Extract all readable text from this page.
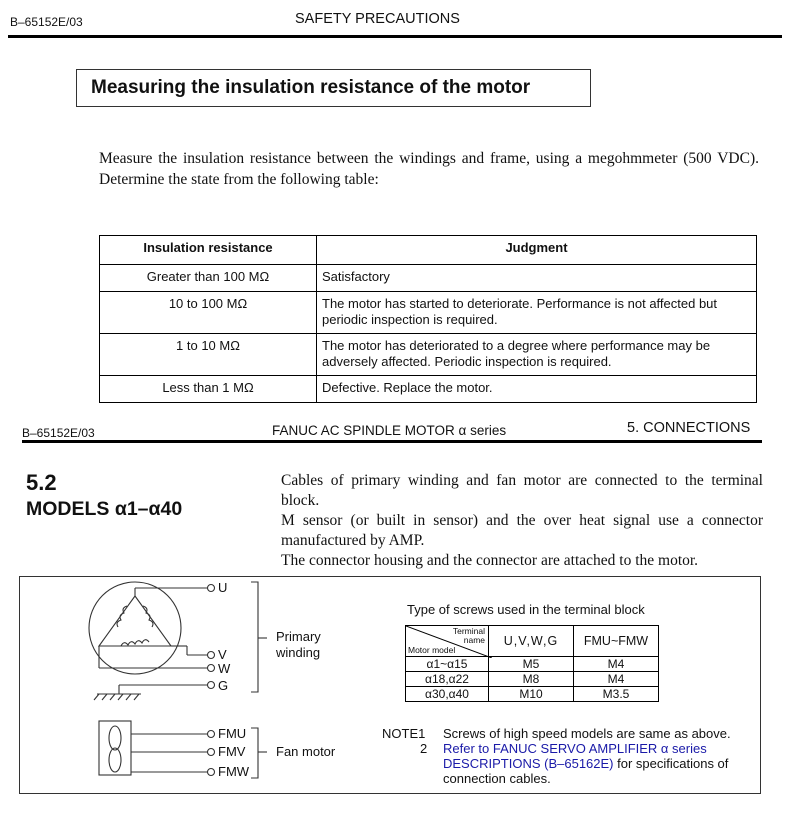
B–65152E/03	SAFETY PRECAUTIONS
Measuring the insulation resistance of the motor
Measure the insulation resistance between the windings and frame, using a megohmmeter (500 VDC). Determine the state from the following table:
Insulation resistance	Judgment
Greater than 100 MΩ	Satisfactory
10 to 100 MΩ	The motor has started to deteriorate. Performance is not affected but periodic inspection is required.
1 to 10 MΩ	The motor has deteriorated to a degree where performance may be adversely affected. Periodic inspection is required.
Less than 1 MΩ	Defective. Replace the motor.
B–65152E/03	FANUC AC SPINDLE MOTOR α series	5. CONNECTIONS
5.2
MODELS α1–α40
Cables of primary winding and fan motor are connected to the terminal block.
M sensor (or built in sensor) and the over heat signal use a connector manufactured by AMP.
The connector housing and the connector are attached to the motor.
U
V
W
G
Primary
winding
FMU
FMV
FMW
Fan motor
Type of screws used in the terminal block
Terminal
name
Motor model	U,V,W,G	FMU~FMW
α1~α15	M5	M4
α18,α22	M8	M4
α30,α40	M10	M3.5
NOTE1 Screws of high speed models are same as above.
2 Refer to FANUC SERVO AMPLIFIER α series
DESCRIPTIONS (B–65162E) for specifications of
connection cables.
